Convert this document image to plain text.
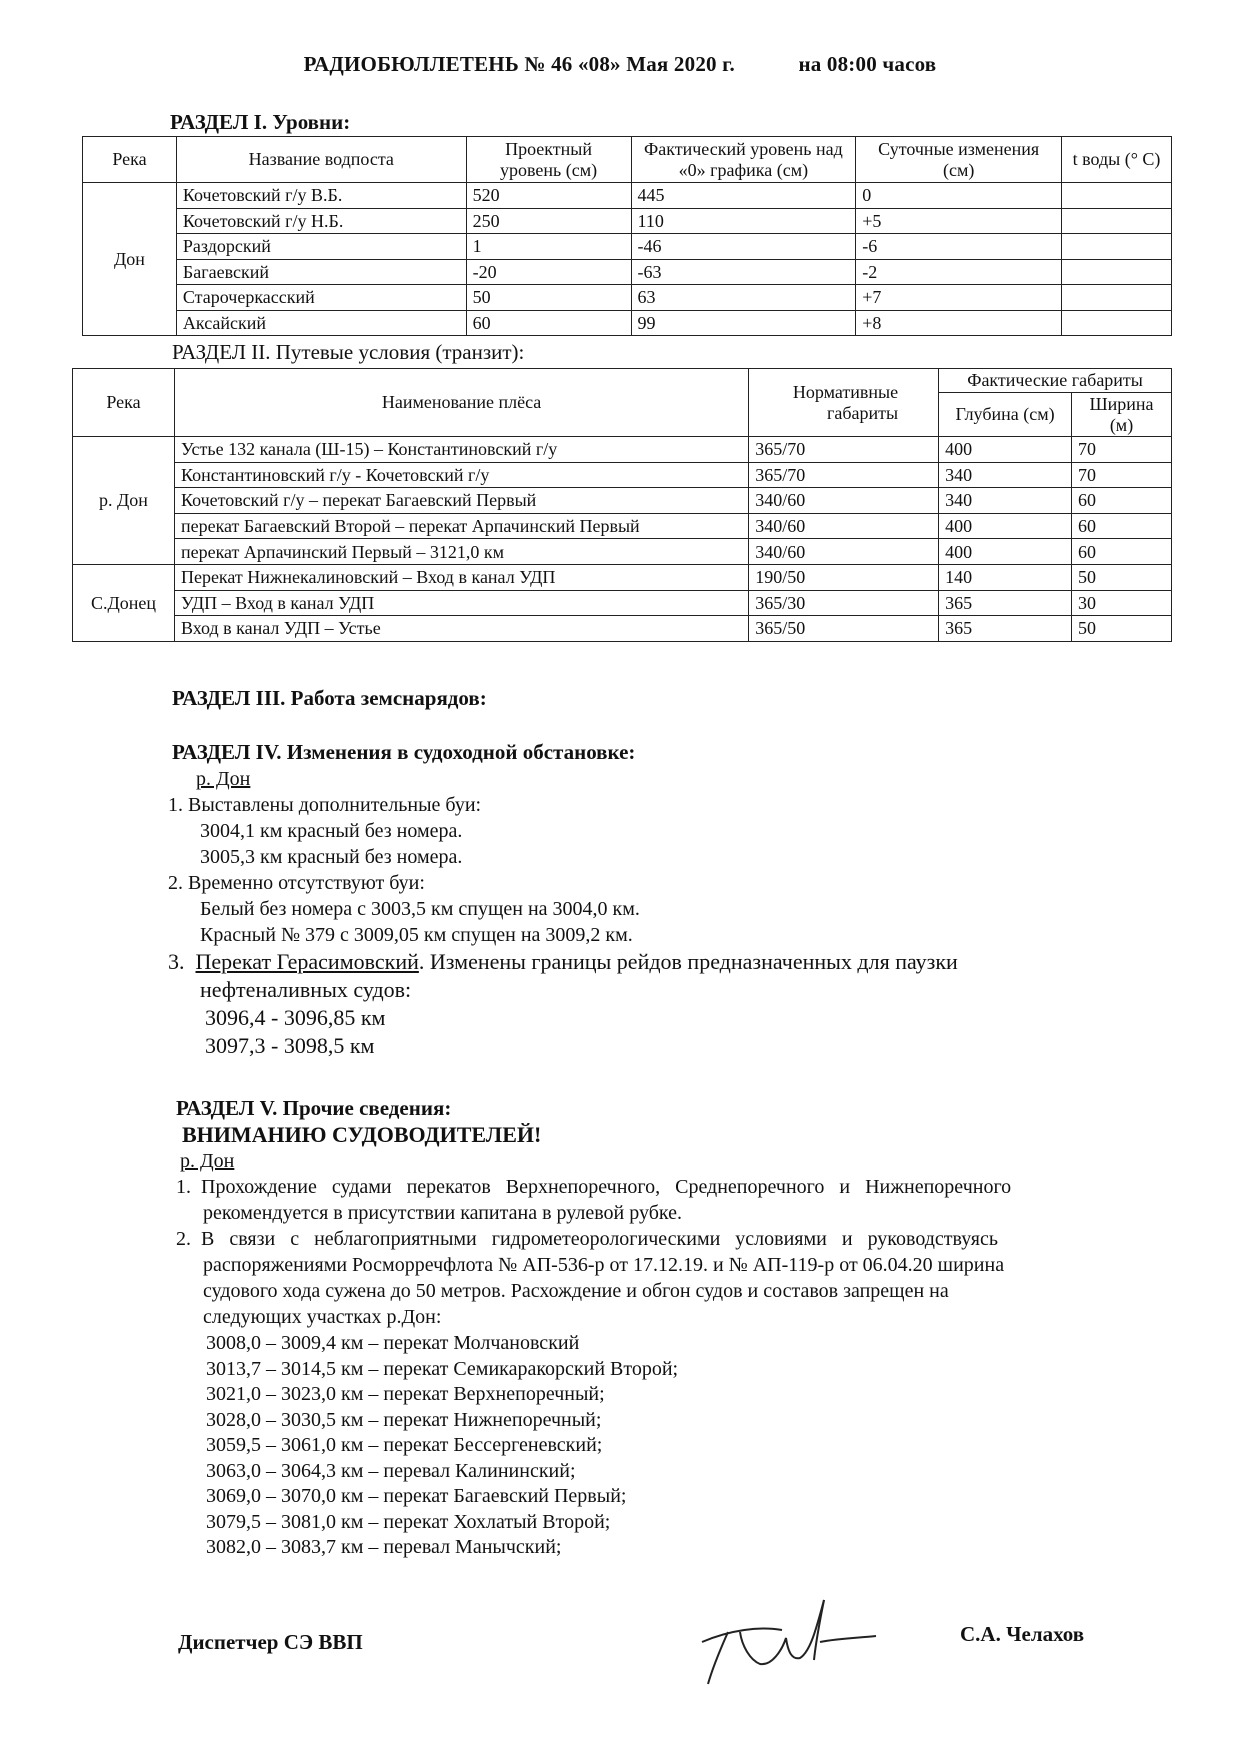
РАДИОБЮЛЛЕТЕНЬ № 46 «08» Мая 2020 г.	на 08:00 часов
РАЗДЕЛ I. Уровни:
Река	Название водпоста	Проектный уровень (см)	Фактический уровень над «0» графика (см)	Суточные изменения (см)	t воды (° С)
Дон	Кочетовский г/у В.Б.	520	445	0	
	Кочетовский г/у Н.Б.	250	110	+5	
	Раздорский	1	-46	-6	
	Багаевский	-20	-63	-2	
	Старочеркасский	50	63	+7	
	Аксайский	60	99	+8	
РАЗДЕЛ II. Путевые условия (транзит):
Река	Наименование плёса	Нормативные габариты	Фактические габариты	
			Глубина (см)	Ширина (м)
р. Дон	Устье 132 канала (Ш-15) – Константиновский г/у	365/70	400	70
	Константиновский г/у - Кочетовский г/у	365/70	340	70
	Кочетовский г/у – перекат Багаевский Первый	340/60	340	60
	перекат Багаевский Второй – перекат Арпачинский Первый	340/60	400	60
	перекат Арпачинский Первый – 3121,0 км	340/60	400	60
С.Донец	Перекат Нижнекалиновский – Вход в канал УДП	190/50	140	50
	УДП – Вход в канал УДП	365/30	365	30
	Вход в канал УДП – Устье	365/50	365	50
РАЗДЕЛ III. Работа земснарядов:
РАЗДЕЛ IV. Изменения в судоходной обстановке:
р. Дон
1. Выставлены дополнительные буи:
3004,1 км красный без номера.
3005,3 км красный без номера.
2. Временно отсутствуют буи:
Белый без номера с 3003,5 км спущен на 3004,0 км.
Красный № 379 с 3009,05 км спущен на 3009,2 км.
3. Перекат Герасимовский. Изменены границы рейдов предназначенных для паузки
нефтеналивных судов:
3096,4 - 3096,85 км
3097,3 - 3098,5 км
РАЗДЕЛ V. Прочие сведения:
ВНИМАНИЮ СУДОВОДИТЕЛЕЙ!
р. Дон
1.  Прохождение   судами   перекатов   Верхнепоречного,   Среднепоречного   и   Нижнепоречного
рекомендуется в присутствии капитана в рулевой рубке.
2.  В   связи   с   неблагоприятными   гидрометеорологическими   условиями   и   руководствуясь
распоряжениями Росморречфлота № АП-536-р от 17.12.19. и № АП-119-р от 06.04.20 ширина
судового хода сужена до 50 метров. Расхождение и обгон судов и составов запрещен на
следующих участках р.Дон:
3008,0 – 3009,4 км – перекат Молчановский
3013,7 – 3014,5 км – перекат Семикаракорский Второй;
3021,0 – 3023,0 км – перекат Верхнепоречный;
3028,0 – 3030,5 км – перекат Нижнепоречный;
3059,5 – 3061,0 км – перекат Бессергеневский;
3063,0 – 3064,3 км – перевал Калининский;
3069,0 – 3070,0 км – перекат Багаевский Первый;
3079,5 – 3081,0 км – перекат Хохлатый Второй;
3082,0 – 3083,7 км – перевал Манычский;
Диспетчер СЭ ВВП	С.А. Челахов
